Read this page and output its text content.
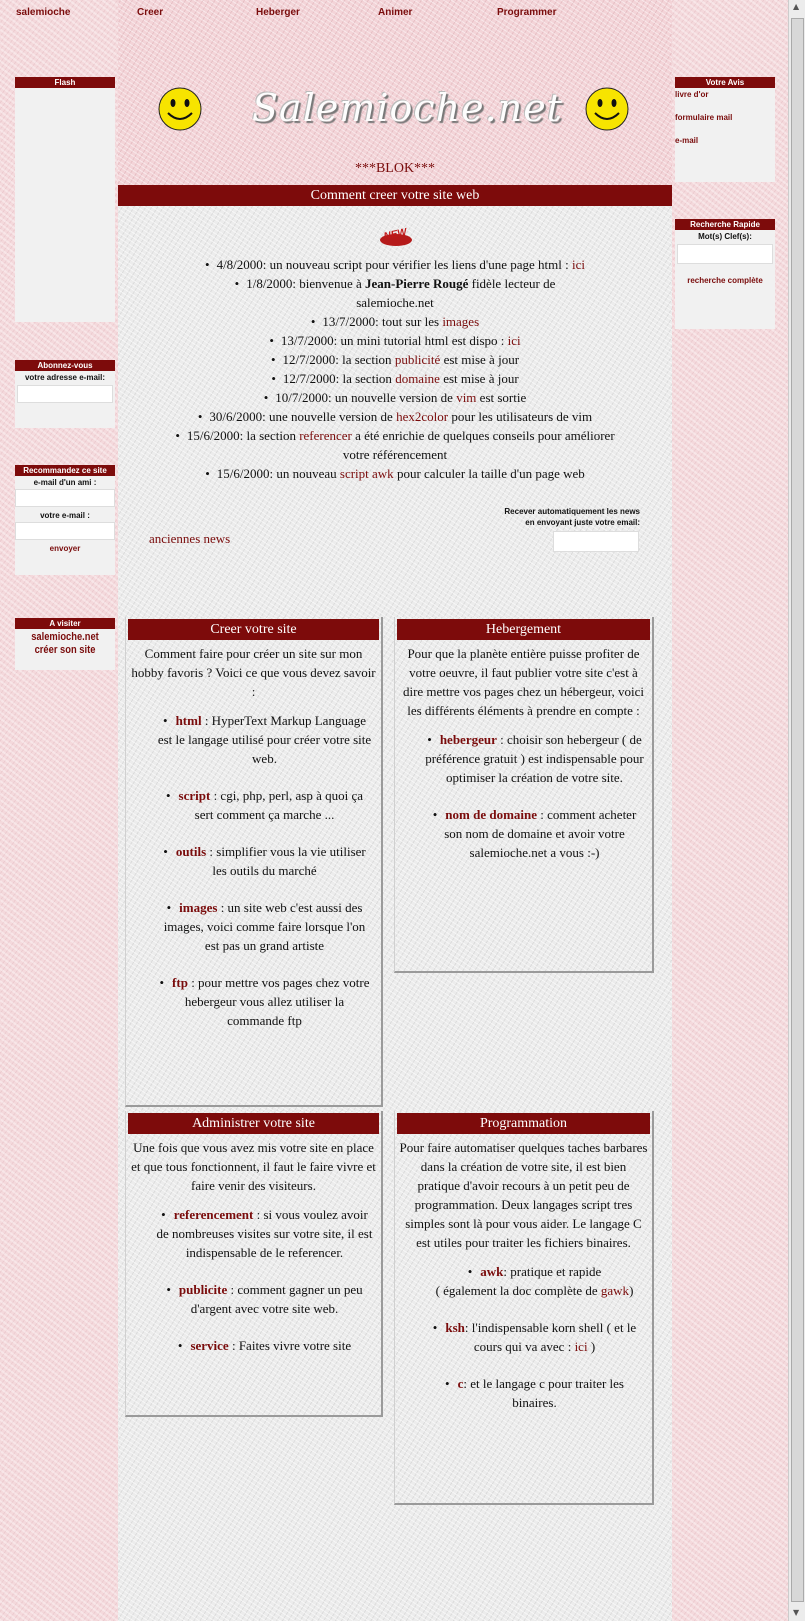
salemioche	Creer	Heberger	Animer	Programmer
Flash
Abonnez-vous
votre adresse e-mail:
Recommandez ce site
e-mail d'un ami :
votre e-mail :
envoyer
A visiter
salemioche.net
créer son site
Votre Avis
livre d'or
formulaire mail
e-mail
Recherche Rapide
Mot(s) Clef(s):
recherche complète
Salemioche.net
***BLOK***
Comment creer votre site web
NEW
• 4/8/2000: un nouveau script pour vérifier les liens d'une page html : ici
• 1/8/2000: bienvenue à Jean-Pierre Rougé fidèle lecteur de salemioche.net
• 13/7/2000: tout sur les images
• 13/7/2000: un mini tutorial html est dispo : ici
• 12/7/2000: la section publicité est mise à jour
• 12/7/2000: la section domaine est mise à jour
• 10/7/2000: un nouvelle version de vim est sortie
• 30/6/2000: une nouvelle version de hex2color pour les utilisateurs de vim
• 15/6/2000: la section referencer a été enrichie de quelques conseils pour améliorer votre référencement
• 15/6/2000: un nouveau script awk pour calculer la taille d'un page web
Recever automatiquement les news
en envoyant juste votre email:
anciennes news
Creer votre site
Comment faire pour créer un site sur mon hobby favoris ? Voici ce que vous devez savoir :
• html : HyperText Markup Language est le langage utilisé pour créer votre site web.
• script : cgi, php, perl, asp à quoi ça sert comment ça marche ...
• outils : simplifier vous la vie utiliser les outils du marché
• images : un site web c'est aussi des images, voici comme faire lorsque l'on est pas un grand artiste
• ftp : pour mettre vos pages chez votre hebergeur vous allez utiliser la commande ftp
Hebergement
Pour que la planète entière puisse profiter de votre oeuvre, il faut publier votre site c'est à dire mettre vos pages chez un hébergeur, voici les différents éléments à prendre en compte :
• hebergeur : choisir son hebergeur ( de préférence gratuit ) est indispensable pour optimiser la création de votre site.
• nom de domaine : comment acheter son nom de domaine et avoir votre salemioche.net a vous :-)
Administrer votre site
Une fois que vous avez mis votre site en place et que tous fonctionnent, il faut le faire vivre et faire venir des visiteurs.
• referencement : si vous voulez avoir de nombreuses visites sur votre site, il est indispensable de le referencer.
• publicite : comment gagner un peu d'argent avec votre site web.
• service : Faites vivre votre site
Programmation
Pour faire automatiser quelques taches barbares dans la création de votre site, il est bien pratique d'avoir recours à un petit peu de programmation. Deux langages script tres simples sont là pour vous aider. Le langage C est utiles pour traiter les fichiers binaires.
• awk: pratique et rapide
( également la doc complète de gawk)
• ksh: l'indispensable korn shell ( et le cours qui va avec : ici )
• c: et le langage c pour traiter les binaires.
▲
▼
